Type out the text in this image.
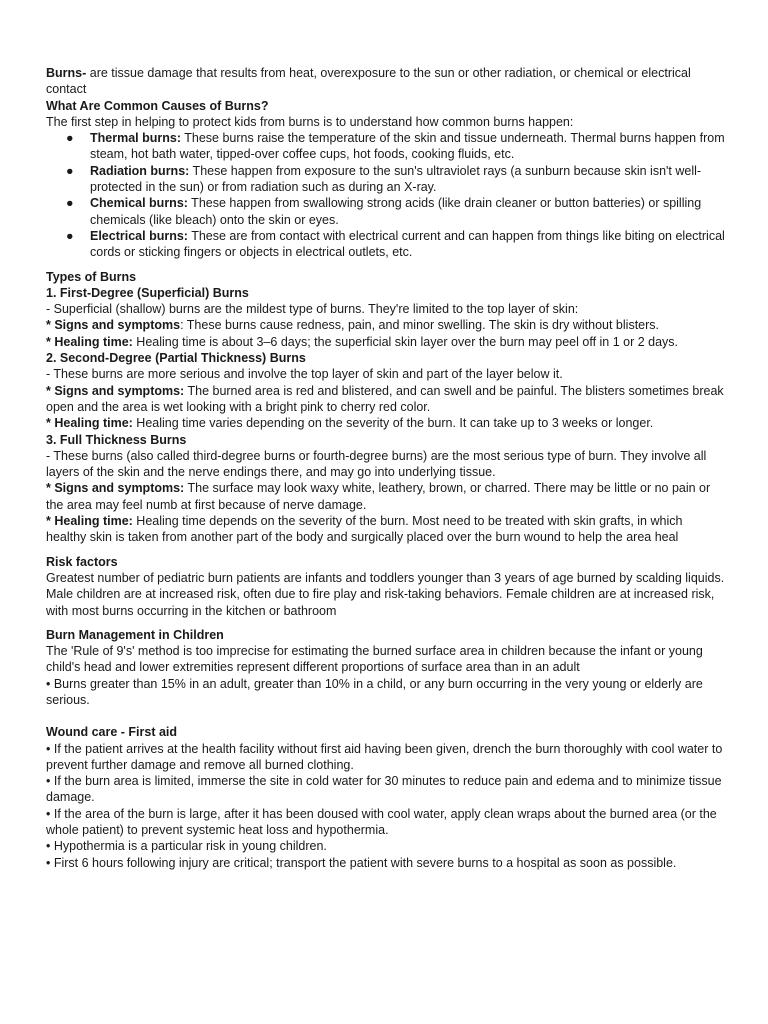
Burns- are tissue damage that results from heat, overexposure to the sun or other radiation, or chemical or electrical contact

What Are Common Causes of Burns?

The first step in helping to protect kids from burns is to understand how common burns happen:

● Thermal burns: These burns raise the temperature of the skin and tissue underneath. Thermal burns happen from steam, hot bath water, tipped-over coffee cups, hot foods, cooking fluids, etc.
● Radiation burns: These happen from exposure to the sun's ultraviolet rays (a sunburn because skin isn't well-protected in the sun) or from radiation such as during an X-ray.
● Chemical burns: These happen from swallowing strong acids (like drain cleaner or button batteries) or spilling chemicals (like bleach) onto the skin or eyes.
● Electrical burns: These are from contact with electrical current and can happen from things like biting on electrical cords or sticking fingers or objects in electrical outlets, etc.

Types of Burns

1. First-Degree (Superficial) Burns

- Superficial (shallow) burns are the mildest type of burns. They're limited to the top layer of skin:

* Signs and symptoms: These burns cause redness, pain, and minor swelling. The skin is dry without blisters.

* Healing time: Healing time is about 3–6 days; the superficial skin layer over the burn may peel off in 1 or 2 days.

2. Second-Degree (Partial Thickness) Burns

- These burns are more serious and involve the top layer of skin and part of the layer below it.

* Signs and symptoms: The burned area is red and blistered, and can swell and be painful. The blisters sometimes break open and the area is wet looking with a bright pink to cherry red color.

* Healing time: Healing time varies depending on the severity of the burn. It can take up to 3 weeks or longer.

3. Full Thickness Burns

- These burns (also called third-degree burns or fourth-degree burns) are the most serious type of burn. They involve all layers of the skin and the nerve endings there, and may go into underlying tissue.

* Signs and symptoms: The surface may look waxy white, leathery, brown, or charred. There may be little or no pain or the area may feel numb at first because of nerve damage.

* Healing time: Healing time depends on the severity of the burn. Most need to be treated with skin grafts, in which healthy skin is taken from another part of the body and surgically placed over the burn wound to help the area heal

Risk factors

Greatest number of pediatric burn patients are infants and toddlers younger than 3 years of age burned by scalding liquids. Male children are at increased risk, often due to fire play and risk-taking behaviors. Female children are at increased risk, with most burns occurring in the kitchen or bathroom

Burn Management in Children

The 'Rule of 9's' method is too imprecise for estimating the burned surface area in children because the infant or young child's head and lower extremities represent different proportions of surface area than in an adult

• Burns greater than 15% in an adult, greater than 10% in a child, or any burn occurring in the very young or elderly are serious.

Wound care - First aid

• If the patient arrives at the health facility without first aid having been given, drench the burn thoroughly with cool water to prevent further damage and remove all burned clothing.

• If the burn area is limited, immerse the site in cold water for 30 minutes to reduce pain and edema and to minimize tissue damage.

• If the area of the burn is large, after it has been doused with cool water, apply clean wraps about the burned area (or the whole patient) to prevent systemic heat loss and hypothermia.

• Hypothermia is a particular risk in young children.

• First 6 hours following injury are critical; transport the patient with severe burns to a hospital as soon as possible.
